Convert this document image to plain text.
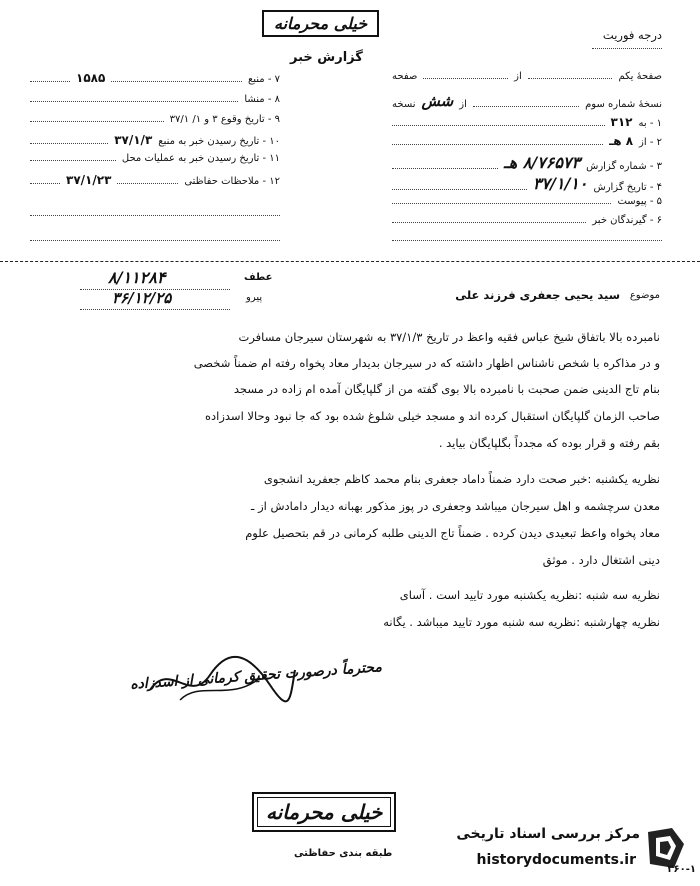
خیلی محرمانه
درجه فوریت
گزارش خبر
۷ - منبع
۱۵۸۵
۸ - منشا
۹ - تاریخ وقوع ۳ و ۱/ ۳۷/۱
۱۰ - تاریخ رسیدن خبر به منبع
۳۷/۱/۳
۱۱ - تاریخ رسیدن خبر به عملیات محل
۱۲ - ملاحظات حفاظتی
۳۷/۱/۲۳
صفحهٔ یکم
از
صفحه
نسخهٔ شماره سوم
از
شش
نسخه
۱ - به
۳۱۲
۲ - از
۸ هـ
۳ - شماره گزارش
۸/۷۶۵۷۳ هـ
۴ - تاریخ گزارش
۳۷/۱/۱۰
۵ - پیوست
۶ - گیرندگان خبر
عطف
پیرو
۸/۱۱۲۸۴
۳۶/۱۲/۲۵	موضوع
سید یحیی جعفری فرزند علی
نامبرده بالا باتفاق شیخ عباس فقیه واعظ در تاریخ ۳۷/۱/۳ به شهرستان سیرجان مسافرت
و در مذاکره با شخص ناشناس اظهار داشته که در سیرجان بدیدار معاد پخواه رفته ام ضمناً شخصی
بنام تاج الدینی ضمن صحبت با نامبرده بالا بوی گفته من از گلپایگان آمده ام زاده در مسجد
صاحب الزمان گلپایگان استقبال کرده اند و مسجد خیلی شلوغ شده بود که جا نبود وحالا اسدزاده
بقم رفته و قرار بوده که مجدداً بگلپایگان بیاید .
نظریه یکشنبه :خبر صحت دارد ضمناً داماد جعفری بنام محمد کاظم جعفرید انشجوی
معدن سرچشمه و اهل سیرجان میباشد وجعفری در پوز مذکور بهبانه دیدار دامادش از ـ
معاد پخواه واعظ تبعیدی دیدن کرده . ضمناً تاج الدینی طلبه کرمانی در قم بتحصیل علوم
دینی اشتغال دارد . موثق
نظریه سه شنبه :نظریه یکشنبه مورد تایید است . آسای
نظریه چهارشنبه :نظریه سه شنبه مورد تایید میباشد . یگانه
محترماً درصورت تحقیق کرمانی از اسدزاده
خیلی محرمانه
طبقه بندی حفاظتی
مرکز بررسی اسناد تاریخی
historydocuments.ir
۳۶۰-۱
